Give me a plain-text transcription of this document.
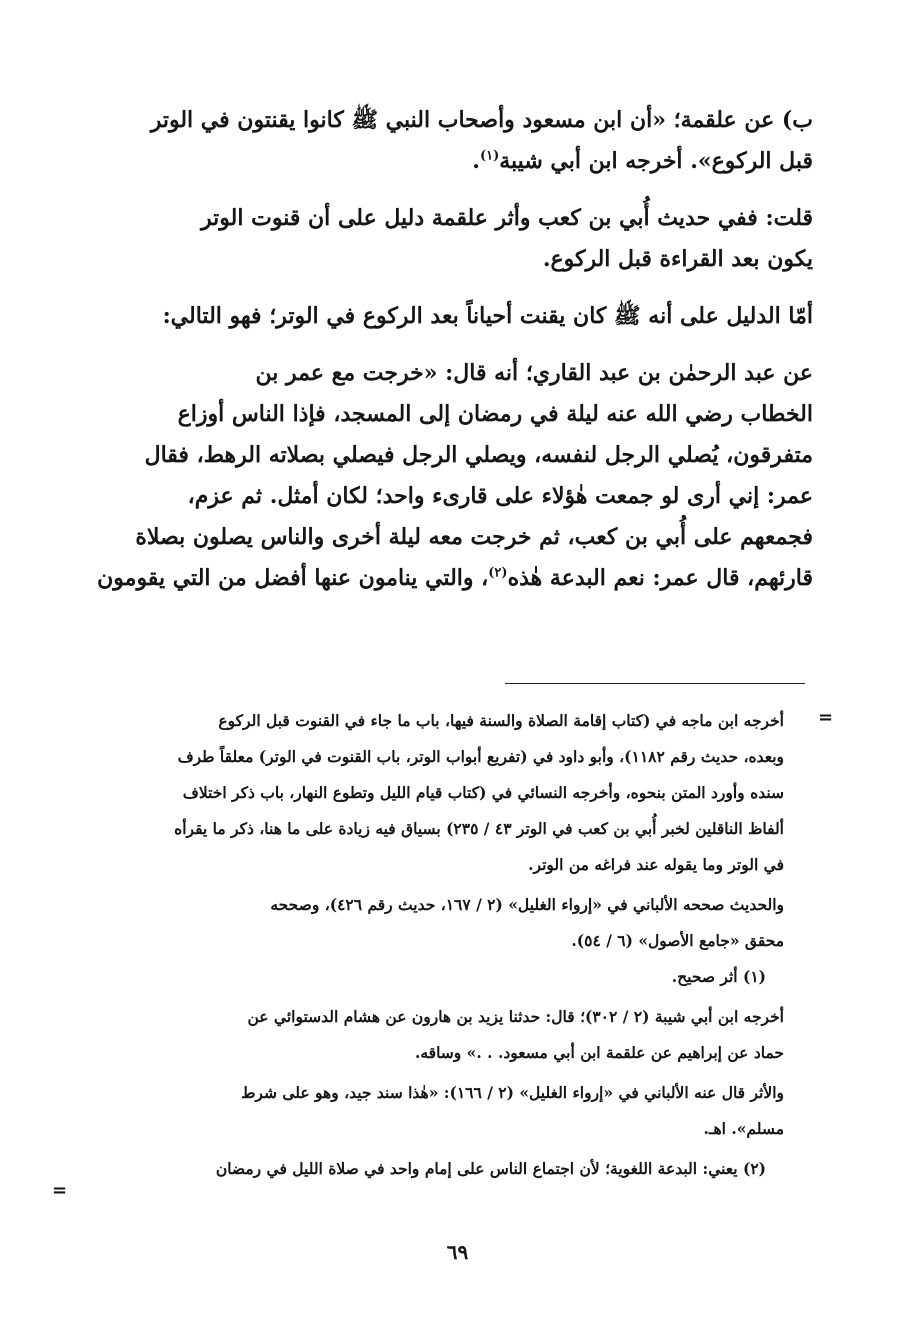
ب) عن علقمة؛ «أن ابن مسعود وأصحاب النبي ﷺ كانوا يقنتون في الوتر
قبل الركوع». أخرجه ابن أبي شيبة$^{(١)}$.

قلت: ففي حديث أُبي بن كعب وأثر علقمة دليل على أن قنوت الوتر
يكون بعد القراءة قبل الركوع.

أمّا الدليل على أنه ﷺ كان يقنت أحياناً بعد الركوع في الوتر؛ فهو التالي:

عن عبد الرحمٰن بن عبد القاري؛ أنه قال: «خرجت مع عمر بن
الخطاب رضي الله عنه ليلة في رمضان إلى المسجد، فإذا الناس أوزاع
متفرقون، يُصلي الرجل لنفسه، ويصلي الرجل فيصلي بصلاته الرهط، فقال
عمر: إني أرى لو جمعت هٰؤلاء على قارىء واحد؛ لكان أمثل. ثم عزم،
فجمعهم على أُبي بن كعب، ثم خرجت معه ليلة أخرى والناس يصلون بصلاة
قارئهم، قال عمر: نعم البدعة هٰذه$^{(٢)}$، والتي ينامون عنها أفضل من التي يقومون

=

أخرجه ابن ماجه في (كتاب إقامة الصلاة والسنة فيها، باب ما جاء في القنوت قبل الركوع
وبعده، حديث رقم ١١٨٢)، وأبو داود في (تفريع أبواب الوتر، باب القنوت في الوتر) معلقاً طرف
سنده وأورد المتن بنحوه، وأخرجه النسائي في (كتاب قيام الليل وتطوع النهار، باب ذكر اختلاف
ألفاظ الناقلين لخبر أُبي بن كعب في الوتر ٤٣ / ٢٣٥) بسياق فيه زيادة على ما هنا، ذكر ما يقرأه
في الوتر وما يقوله عند فراغه من الوتر.

والحديث صححه الألباني في «إرواء الغليل» (٢ / ١٦٧، حديث رقم ٤٢٦)، وصححه
محقق «جامع الأصول» (٦ / ٥٤).

(١) أثر صحيح.

أخرجه ابن أبي شيبة (٢ / ٣٠٢)؛ قال: حدثنا يزيد بن هارون عن هشام الدستوائي عن
حماد عن إبراهيم عن علقمة ابن أبي مسعود. . .» وساقه.

والأثر قال عنه الألباني في «إرواء الغليل» (٢ / ١٦٦): «هٰذا سند جيد، وهو على شرط
مسلم». اهـ.

(٢) يعني: البدعة اللغوية؛ لأن اجتماع الناس على إمام واحد في صلاة الليل في رمضان

=
٦٩
